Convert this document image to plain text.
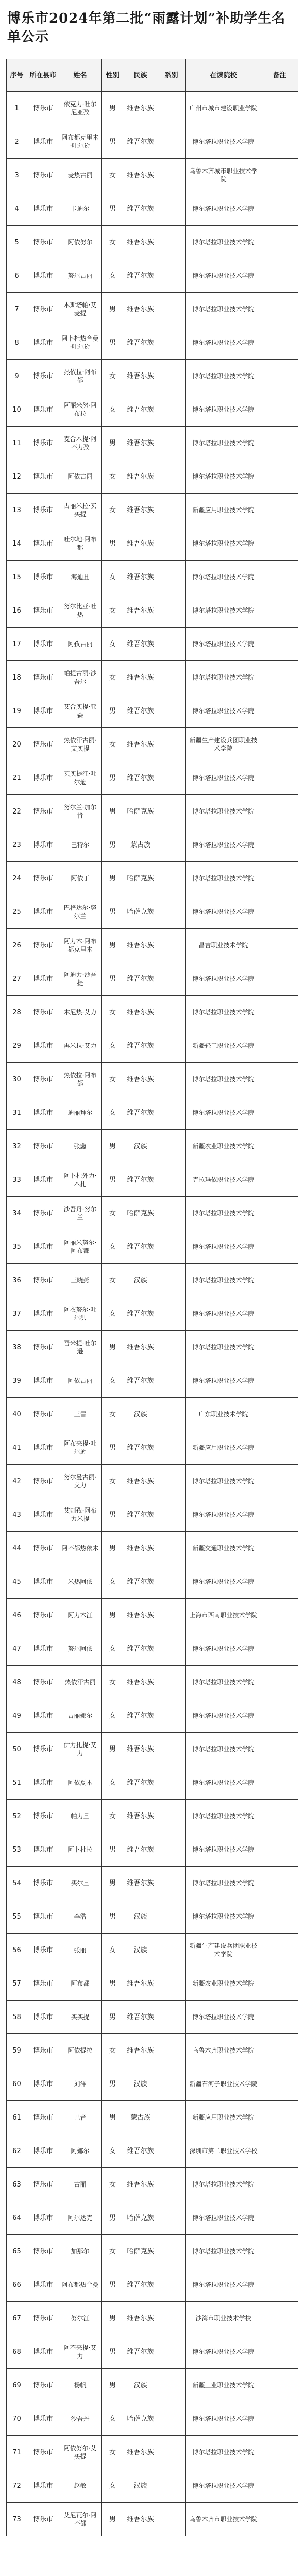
博乐市2024年第二批“雨露计划”补助学生名单公示
序号	所在县市	姓名	性别	民族	系别	在读院校	备注
1	博乐市	依克力·吐尔尼亚孜	男	维吾尔族		广州市城市建设职业学院	
2	博乐市	阿布都克里木·吐尔逊	男	维吾尔族		博尔塔拉职业技术学院	
3	博乐市	麦热古丽	女	维吾尔族		乌鲁木齐城市职业技术学院	
4	博乐市	卡迪尔	男	维吾尔族		博尔塔拉职业技术学院	
5	博乐市	阿依努尔	女	维吾尔族		博尔塔拉职业技术学院	
6	博乐市	努尔古丽	女	维吾尔族		博尔塔拉职业技术学院	
7	博乐市	木斯塔帕·艾麦提	男	维吾尔族		博尔塔拉职业技术学院	
8	博乐市	阿卜杜热合曼·吐尔逊	男	维吾尔族		博尔塔拉职业技术学院	
9	博乐市	热依拉·阿布都	女	维吾尔族		博尔塔拉职业技术学院	
10	博乐市	阿丽米努·阿布拉	女	维吾尔族		博尔塔拉职业技术学院	
11	博乐市	麦合木提·阿不力孜	男	维吾尔族		博尔塔拉职业技术学院	
12	博乐市	阿依古丽	女	维吾尔族		博尔塔拉职业技术学院	
13	博乐市	古丽米拉·买买提	女	维吾尔族		新疆应用职业技术学院	
14	博乐市	吐尔地·阿布都	男	维吾尔族		博尔塔拉职业技术学院	
15	博乐市	海迪且	女	维吾尔族		博尔塔拉职业技术学院	
16	博乐市	努尔比亚·吐热	女	维吾尔族		博尔塔拉职业技术学院	
17	博乐市	阿孜古丽	女	维吾尔族		博尔塔拉职业技术学院	
18	博乐市	帕提古丽·沙吾尔	女	维吾尔族		博尔塔拉职业技术学院	
19	博乐市	艾合买提·亚森	男	维吾尔族		博尔塔拉职业技术学院	
20	博乐市	热依汗古丽·艾买提	女	维吾尔族		新疆生产建设兵团职业技术学院	
21	博乐市	买买提江·吐尔逊	男	维吾尔族		博尔塔拉职业技术学院	
22	博乐市	努尔兰·加尔肯	男	哈萨克族		博尔塔拉职业技术学院	
23	博乐市	巴特尔	男	蒙古族		博尔塔拉职业技术学院	
24	博乐市	阿依丁	男	哈萨克族		博尔塔拉职业技术学院	
25	博乐市	巴格达尔·努尔兰	男	哈萨克族		博尔塔拉职业技术学院	
26	博乐市	阿力木·阿布都克里木	男	维吾尔族		昌吉职业技术学院	
27	博乐市	阿迪力·沙吾提	男	维吾尔族		博尔塔拉职业技术学院	
28	博乐市	木尼热·艾力	女	维吾尔族		博尔塔拉职业技术学院	
29	博乐市	再米拉·艾力	女	维吾尔族		新疆轻工职业技术学院	
30	博乐市	热依拉·阿布都	女	维吾尔族		博尔塔拉职业技术学院	
31	博乐市	迪丽拜尔	女	维吾尔族		博尔塔拉职业技术学院	
32	博乐市	张鑫	男	汉族		新疆农业职业技术学院	
33	博乐市	阿卜杜外力·木扎	男	维吾尔族		克拉玛依职业技术学院	
34	博乐市	沙吾丹·努尔兰	女	哈萨克族		博尔塔拉职业技术学院	
35	博乐市	阿丽米努尔·阿布都	女	维吾尔族		博尔塔拉职业技术学院	
36	博乐市	王晓燕	女	汉族		博尔塔拉职业技术学院	
37	博乐市	阿衣努尔·吐尔洪	女	维吾尔族		博尔塔拉职业技术学院	
38	博乐市	吾米提·吐尔逊	男	维吾尔族		博尔塔拉职业技术学院	
39	博乐市	阿依古丽	女	维吾尔族		博尔塔拉职业技术学院	
40	博乐市	王雪	女	汉族		广东职业技术学院	
41	博乐市	阿布来提·吐尔逊	男	维吾尔族		新疆应用职业技术学院	
42	博乐市	努尔曼古丽·艾力	女	维吾尔族		博尔塔拉职业技术学院	
43	博乐市	艾则孜·阿布力米提	男	维吾尔族		博尔塔拉职业技术学院	
44	博乐市	阿不都热依木	男	维吾尔族		新疆交通职业技术学院	
45	博乐市	米热阿依	女	维吾尔族		博尔塔拉职业技术学院	
46	博乐市	阿力木江	男	维吾尔族		上海市西南职业技术学院	
47	博乐市	努尔阿依	女	维吾尔族		博尔塔拉职业技术学院	
48	博乐市	热依汗古丽	女	维吾尔族		博尔塔拉职业技术学院	
49	博乐市	古丽娜尔	女	维吾尔族		博尔塔拉职业技术学院	
50	博乐市	伊力扎提·艾力	男	维吾尔族		博尔塔拉职业技术学院	
51	博乐市	阿依夏木	女	维吾尔族		博尔塔拉职业技术学院	
52	博乐市	帕力旦	女	维吾尔族		博尔塔拉职业技术学院	
53	博乐市	阿卜杜拉	男	维吾尔族		博尔塔拉职业技术学院	
54	博乐市	买尔旦	男	维吾尔族		博尔塔拉职业技术学院	
55	博乐市	李浩	男	汉族		博尔塔拉职业技术学院	
56	博乐市	张丽	女	汉族		新疆生产建设兵团职业技术学院	
57	博乐市	阿布都	男	维吾尔族		新疆农业职业技术学院	
58	博乐市	买买提	男	维吾尔族		博尔塔拉职业技术学院	
59	博乐市	阿依提拉	女	维吾尔族		乌鲁木齐职业技术学院	
60	博乐市	刘洋	男	汉族		新疆石河子职业技术学院	
61	博乐市	巴音	男	蒙古族		新疆应用职业技术学院	
62	博乐市	阿娜尔	女	维吾尔族		深圳市第二职业技术学校	
63	博乐市	古丽	女	维吾尔族		博尔塔拉职业技术学院	
64	博乐市	阿尔达克	男	哈萨克族		博尔塔拉职业技术学院	
65	博乐市	加那尔	女	哈萨克族		博尔塔拉职业技术学院	
66	博乐市	阿布都热合曼	男	维吾尔族		博尔塔拉职业技术学院	
67	博乐市	努尔江	男	维吾尔族		沙湾市职业技术学校	
68	博乐市	阿不来提·艾力	男	维吾尔族		博尔塔拉职业技术学院	
69	博乐市	杨帆	男	汉族		新疆工业职业技术学院	
70	博乐市	沙吾丹	女	哈萨克族		博尔塔拉职业技术学院	
71	博乐市	阿依努尔·艾买提	女	维吾尔族		博尔塔拉职业技术学院	
72	博乐市	赵敏	女	汉族		博尔塔拉职业技术学院	
73	博乐市	艾尼瓦尔·阿不都	男	维吾尔族		乌鲁木齐市职业技术学院	
